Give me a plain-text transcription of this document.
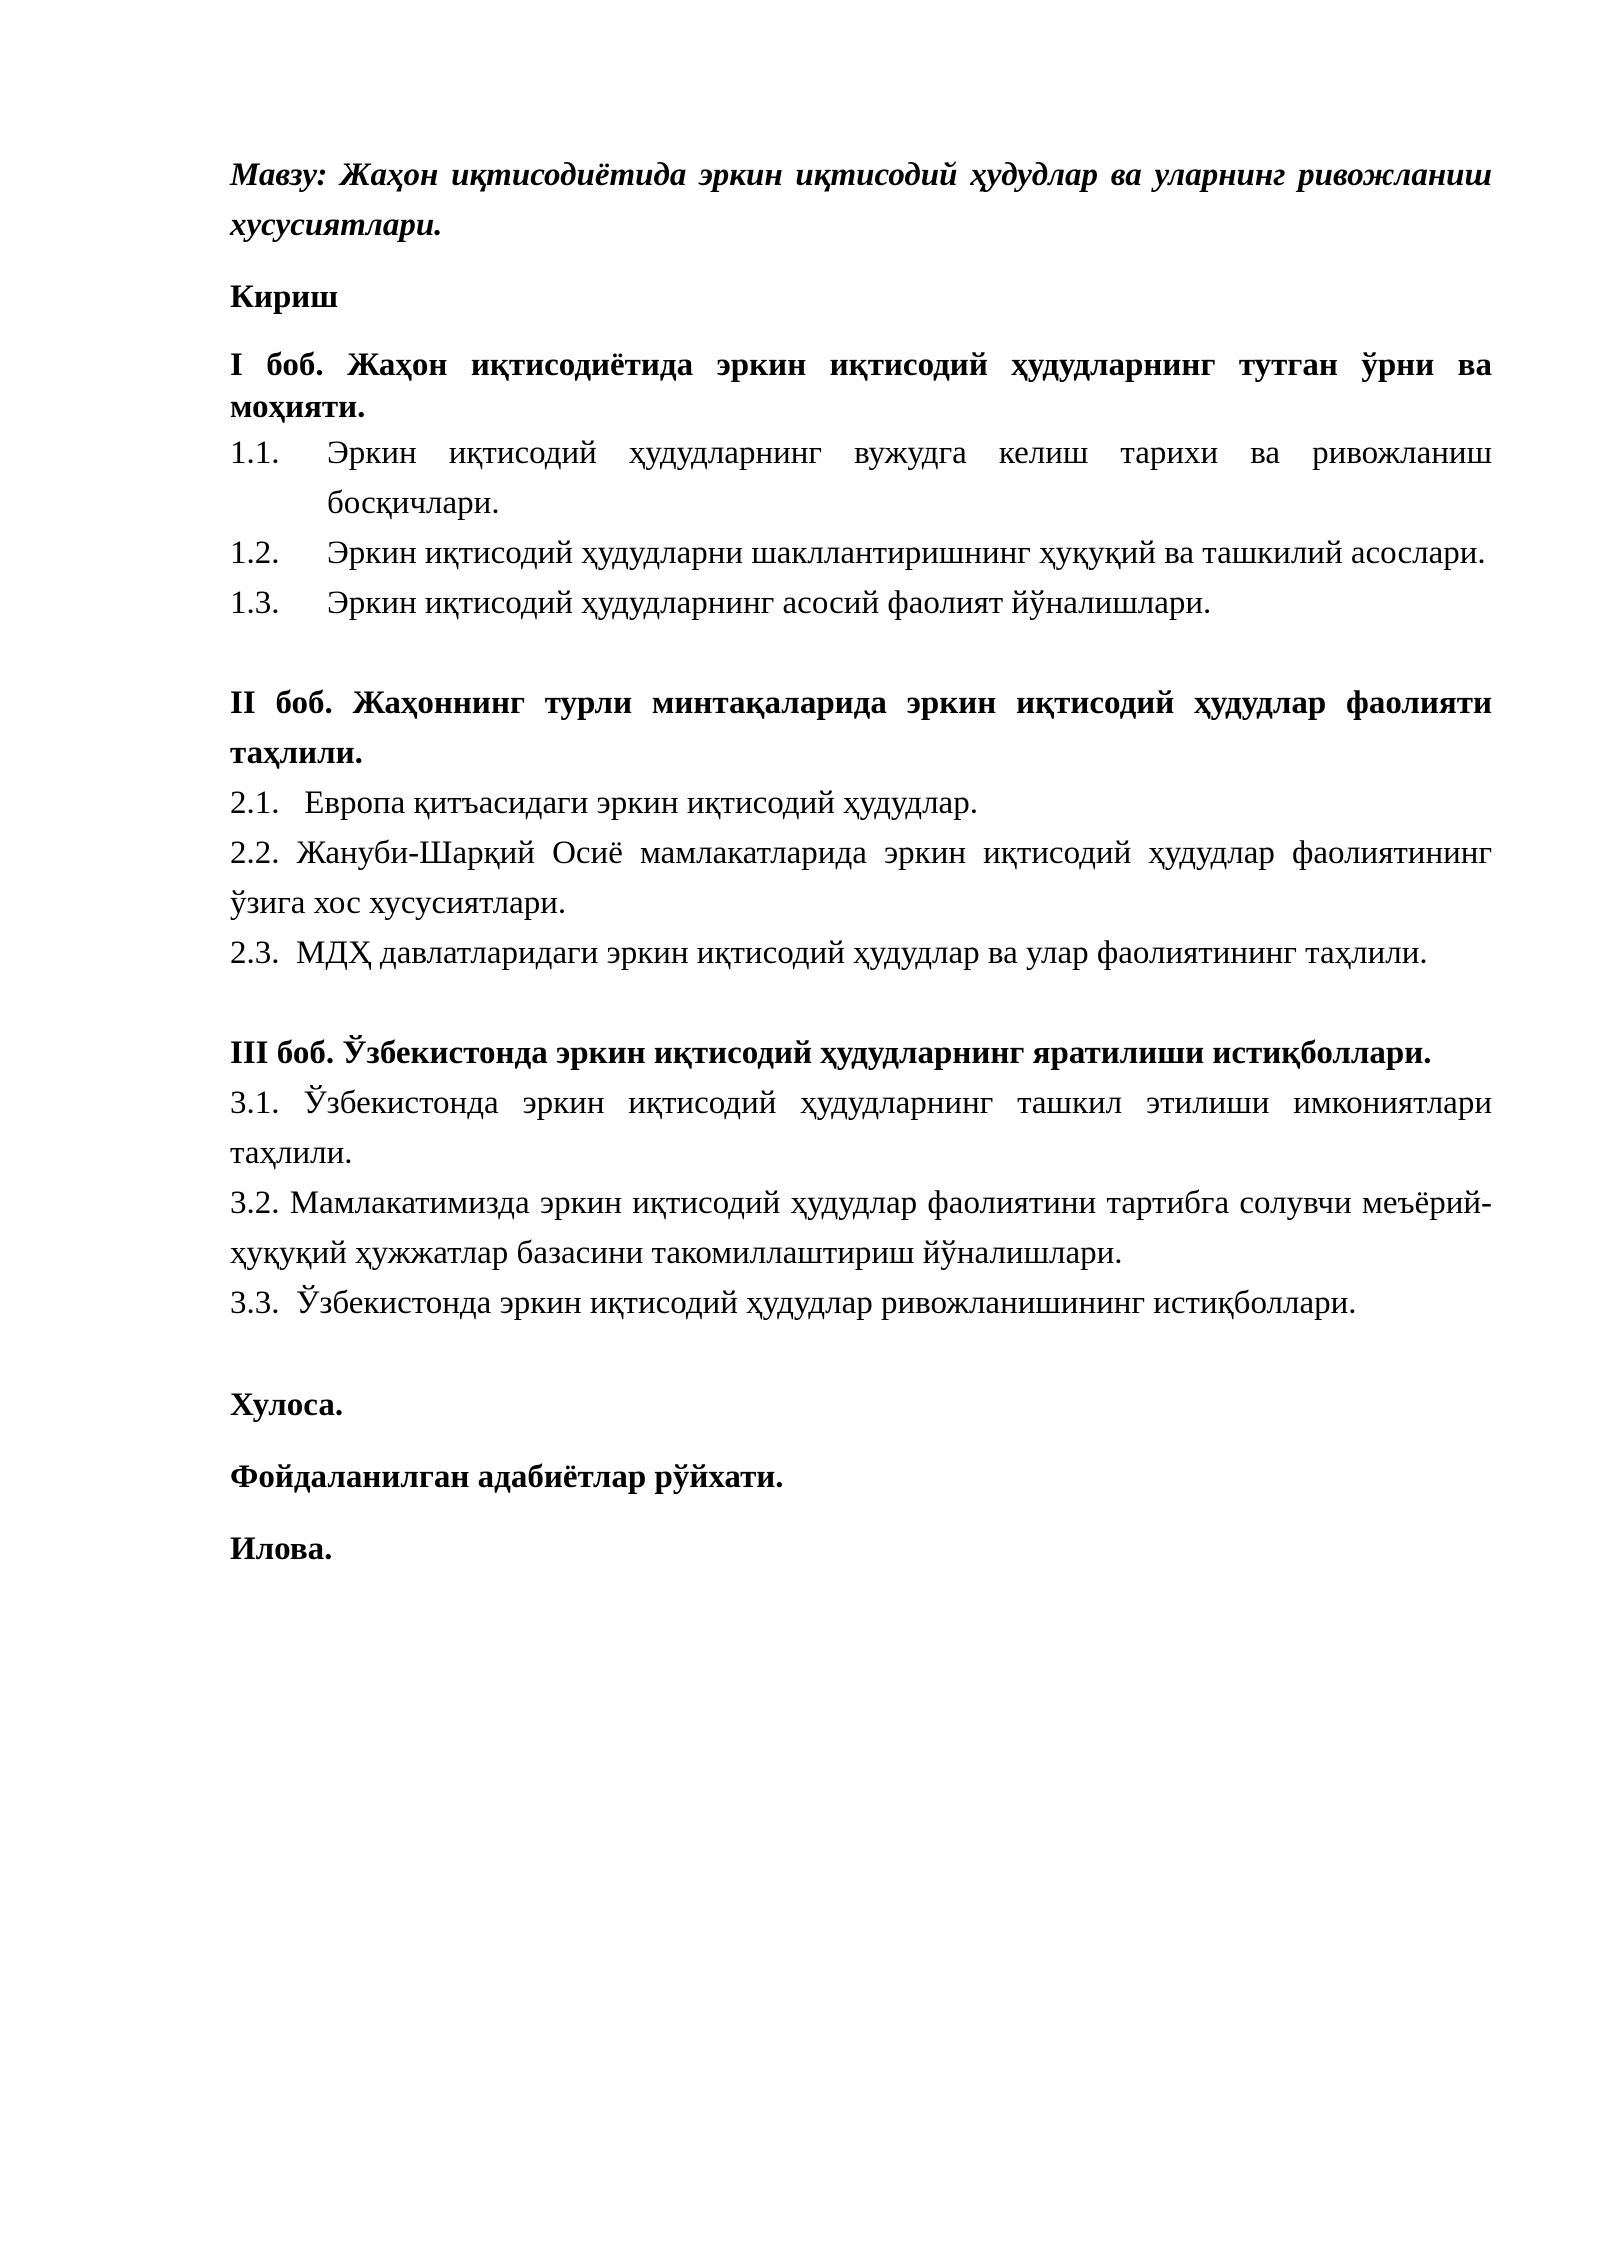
Мавзу: Жаҳон иқтисодиётида эркин иқтисодий ҳудудлар ва уларнинг ривожланиш хусусиятлари.
Кириш
I боб. Жаҳон иқтисодиётида эркин иқтисодий ҳудудларнинг тутган ўрни ва моҳияти.
1.1.	Эркин иқтисодий ҳудудларнинг вужудга келиш тарихи ва ривожланиш босқичлари.
1.2.	Эркин иқтисодий ҳудудларни шакллантиришнинг ҳуқуқий ва ташкилий асослари.
1.3.	Эркин иқтисодий ҳудудларнинг асосий фаолият йўналишлари.
II боб. Жаҳоннинг турли минтақаларида эркин иқтисодий ҳудудлар фаолияти таҳлили.
2.1.   Европа қитъасидаги эркин иқтисодий ҳудудлар.
2.2. Жануби-Шарқий Осиё мамлакатларида эркин иқтисодий ҳудудлар фаолиятининг ўзига хос хусусиятлари.
2.3.  МДҲ давлатларидаги эркин иқтисодий ҳудудлар ва улар фаолиятининг таҳлили.
III боб. Ўзбекистонда эркин иқтисодий ҳудудларнинг яратилиши истиқболлари.
3.1. Ўзбекистонда эркин иқтисодий ҳудудларнинг ташкил этилиши имкониятлари таҳлили.
3.2. Мамлакатимизда эркин иқтисодий ҳудудлар фаолиятини тартибга солувчи меъёрий-ҳуқуқий ҳужжатлар базасини такомиллаштириш йўналишлари.
3.3.  Ўзбекистонда эркин иқтисодий ҳудудлар ривожланишининг истиқболлари.
Хулоса.
Фойдаланилган адабиётлар рўйхати.
Илова.
